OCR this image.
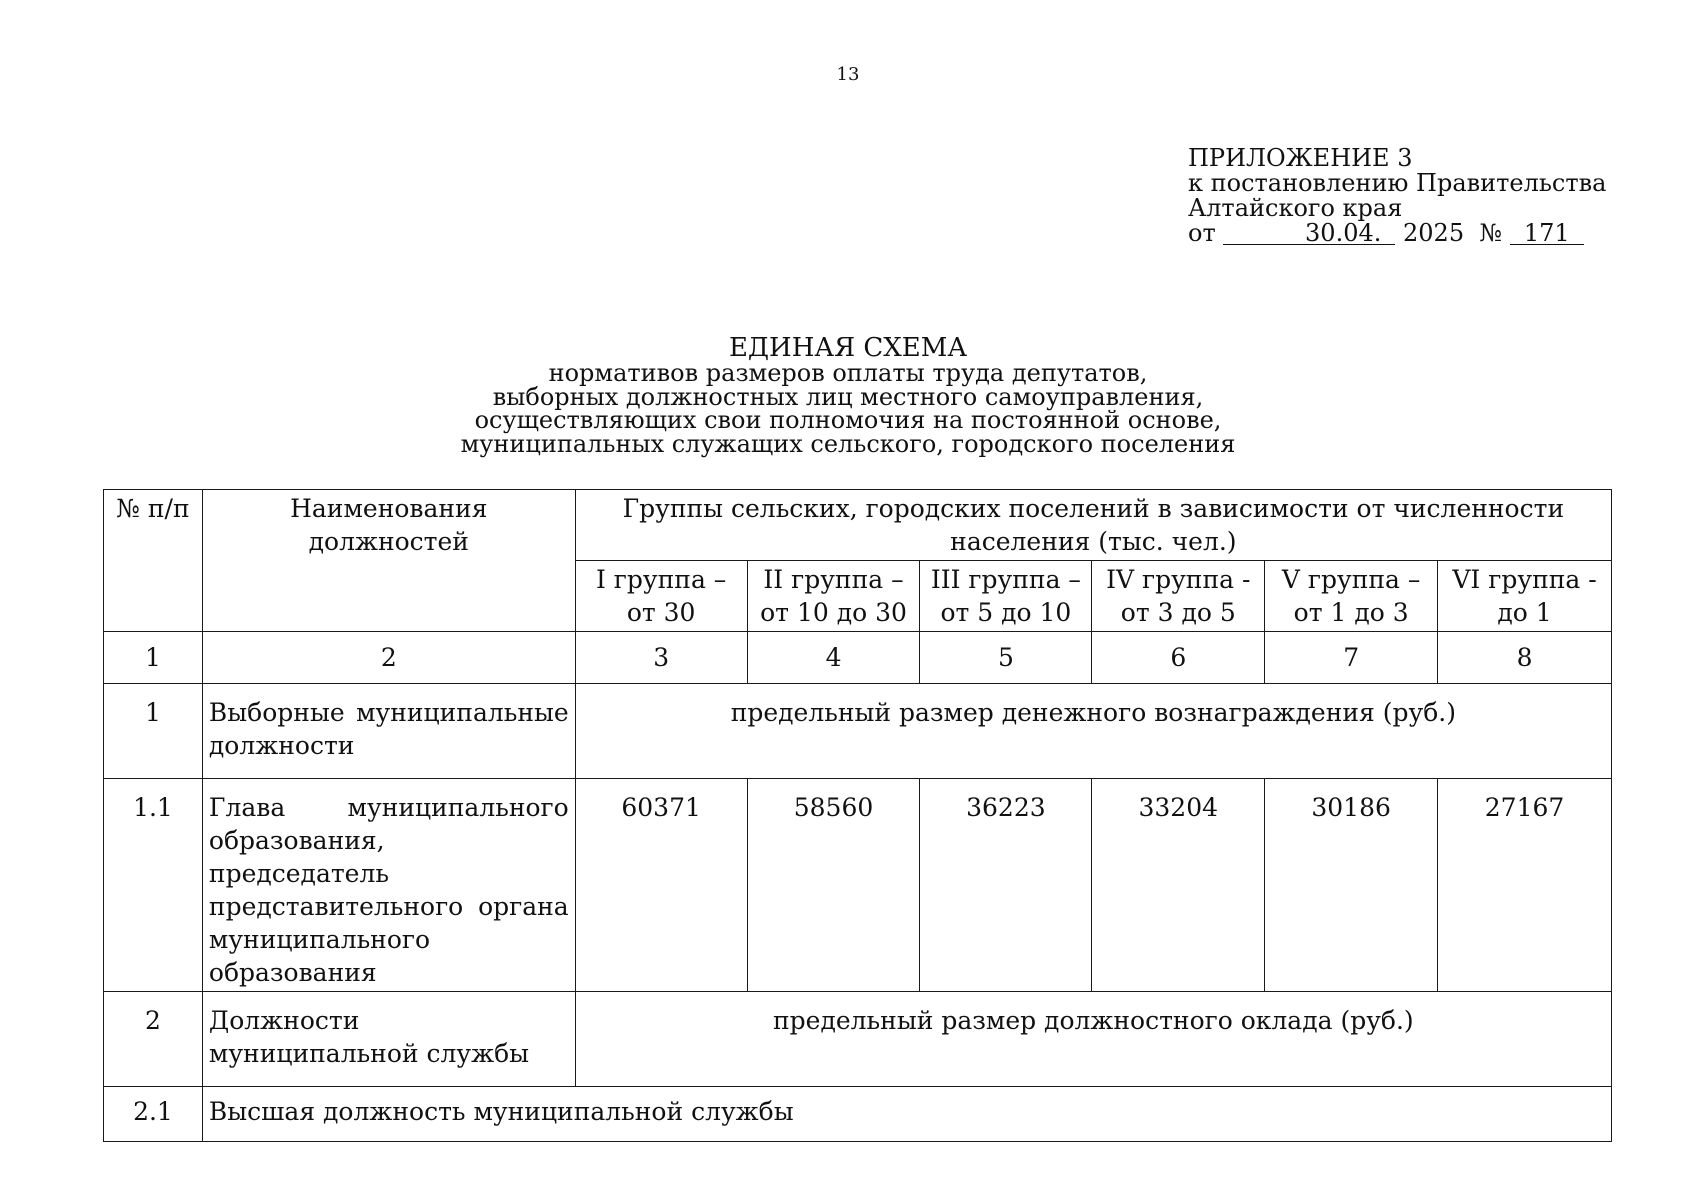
13
ПРИЛОЖЕНИЕ 3
к постановлению Правительства
Алтайского края
от	30.04. 2025 № 171
ЕДИНАЯ СХЕМА
нормативов размеров оплаты труда депутатов,
выборных должностных лиц местного самоуправления,
осуществляющих свои полномочия на постоянной основе,
муниципальных служащих сельского, городского поселения
№ п/п	Наименования должностей	Группы сельских, городских поселений в зависимости от численности населения (тыс. чел.)					
		I группа – от 30	II группа – от 10 до 30	III группа – от 5 до 10	IV группа - от 3 до 5	V группа – от 1 до 3	VI группа - до 1
1	2	3	4	5	6	7	8
1	Выборные муниципальные должности	предельный размер денежного вознаграждения (руб.)					
1.1	Глава муниципального образования, председатель представительного органа муниципального образования	60371	58560	36223	33204	30186	27167
2	Должности муниципальной службы	предельный размер должностного оклада (руб.)					
2.1	Высшая должность муниципальной службы						
